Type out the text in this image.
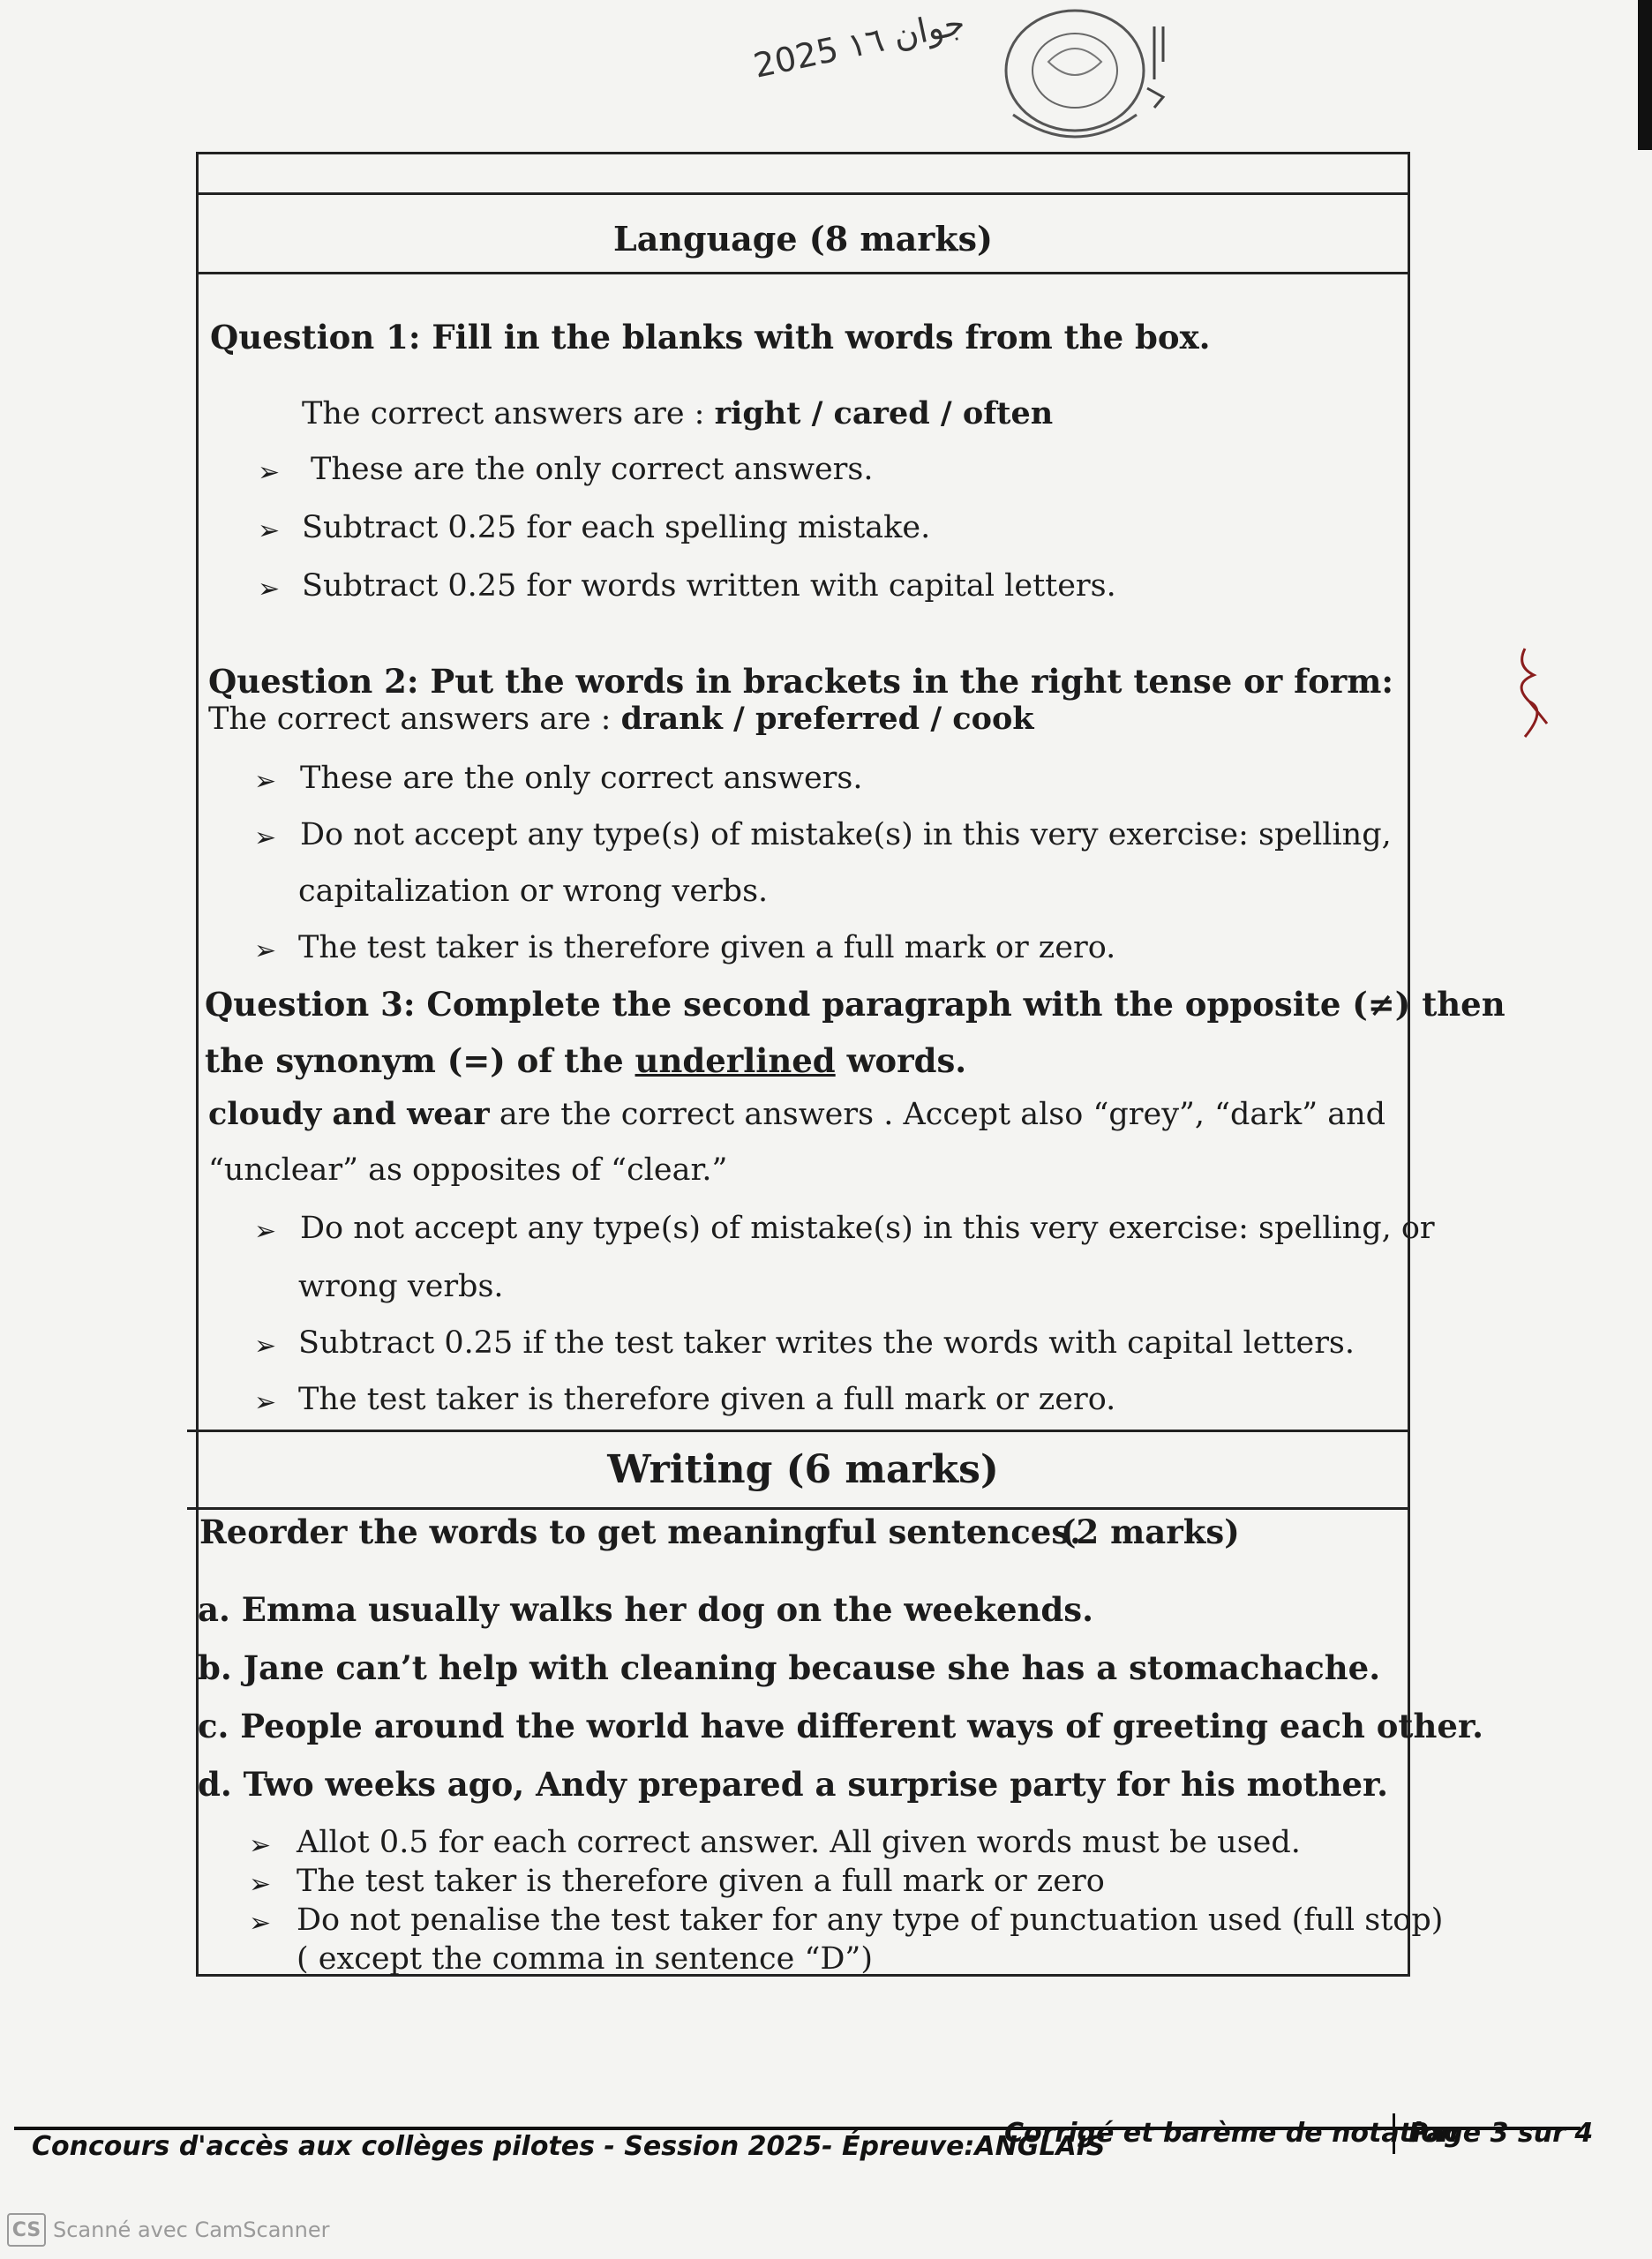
2025 جوان ١٦
Language (8 marks)
Question 1: Fill in the blanks with words from the box.
The correct answers are : right / cared / often
➢ These are the only correct answers.
➢ Subtract 0.25 for each spelling mistake.
➢ Subtract 0.25 for words written with capital letters.
Question 2: Put the words in brackets in the right tense or form:
The correct answers are : drank / preferred / cook
➢ These are the only correct answers.
➢ Do not accept any type(s) of mistake(s) in this very exercise: spelling,
capitalization or wrong verbs.
➢ The test taker is therefore given a full mark or zero.
Question 3: Complete the second paragraph with the opposite (≠) then
the synonym (=) of the underlined words.
cloudy and wear are the correct answers . Accept also “grey”, “dark” and
“unclear” as opposites of “clear.”
➢ Do not accept any type(s) of mistake(s) in this very exercise: spelling, or
wrong verbs.
➢ Subtract 0.25 if the test taker writes the words with capital letters.
➢ The test taker is therefore given a full mark or zero.
Writing (6 marks)
Reorder the words to get meaningful sentences.
(2 marks)
a. Emma usually walks her dog on the weekends.
b. Jane can’t help with cleaning because she has a stomachache.
c. People around the world have different ways of greeting each other.
d. Two weeks ago, Andy prepared a surprise party for his mother.
➢ Allot 0.5 for each correct answer. All given words must be used.
➢ The test taker is therefore given a full mark or zero
➢ Do not penalise the test taker for any type of punctuation used (full stop)
( except the comma in sentence “D”)
Concours d'accès aux collèges pilotes - Session 2025- Épreuve:ANGLAIS
Corrigé et barème de notation
Page 3 sur 4
CS Scanné avec CamScanner
